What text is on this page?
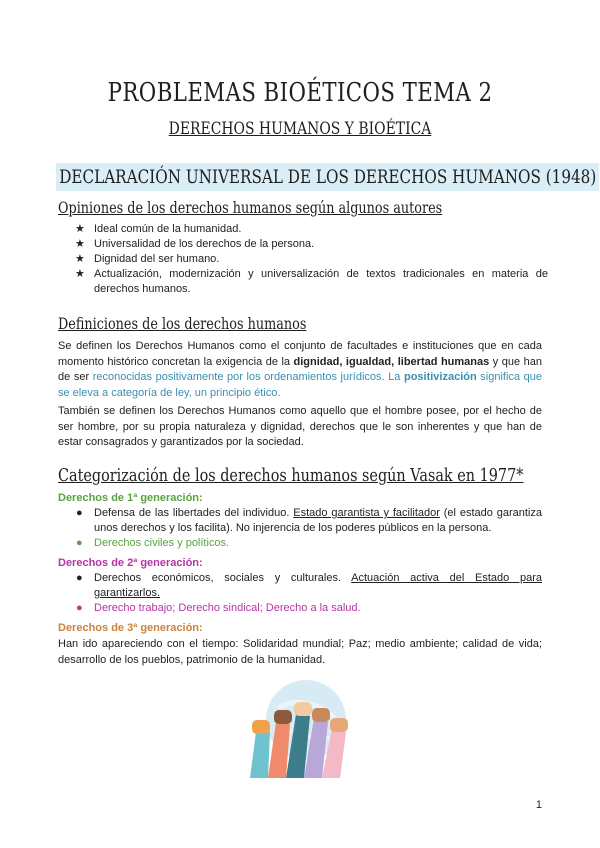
PROBLEMAS BIOÉTICOS TEMA 2
DERECHOS HUMANOS Y BIOÉTICA
DECLARACIÓN UNIVERSAL DE LOS DERECHOS HUMANOS (1948)
Opiniones de los derechos humanos según algunos autores
★ Ideal común de la humanidad.
★ Universalidad de los derechos de la persona.
★ Dignidad del ser humano.
★ Actualización, modernización y universalización de textos tradicionales en materia de derechos humanos.
Definiciones de los derechos humanos
Se definen los Derechos Humanos como el conjunto de facultades e instituciones que en cada momento histórico concretan la exigencia de la dignidad, igualdad, libertad humanas y que han de ser reconocidas positivamente por los ordenamientos jurídicos. La positivización significa que se eleva a categoría de ley, un principio ético.
También se definen los Derechos Humanos como aquello que el hombre posee, por el hecho de ser hombre, por su propia naturaleza y dignidad, derechos que le son inherentes y que han de estar consagrados y garantizados por la sociedad.
Categorización de los derechos humanos según Vasak en 1977*
Derechos de 1ª generación:
● Defensa de las libertades del individuo. Estado garantista y facilitador (el estado garantiza unos derechos y los facilita). No injerencia de los poderes públicos en la persona.
● Derechos civiles y políticos.
Derechos de 2ª generación:
● Derechos económicos, sociales y culturales. Actuación activa del Estado para garantizarlos.
● Derecho trabajo; Derecho sindical; Derecho a la salud.
Derechos de 3ª generación:
Han ido apareciendo con el tiempo: Solidaridad mundial; Paz; medio ambiente; calidad de vida; desarrollo de los pueblos, patrimonio de la humanidad.
1
